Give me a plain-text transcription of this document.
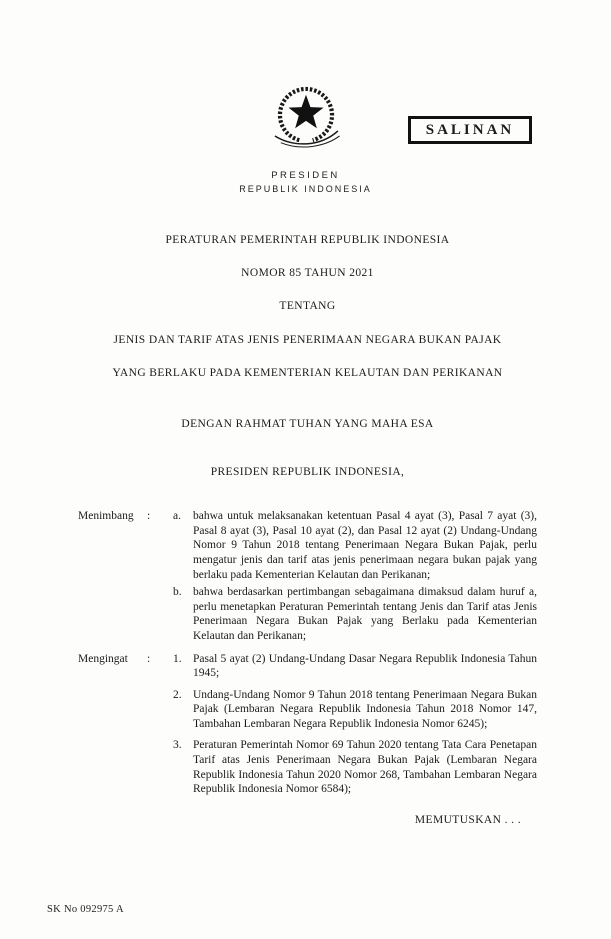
SALINAN
PRESIDEN
REPUBLIK INDONESIA
PERATURAN PEMERINTAH REPUBLIK INDONESIA
NOMOR 85 TAHUN 2021
TENTANG
JENIS DAN TARIF ATAS JENIS PENERIMAAN NEGARA BUKAN PAJAK
YANG BERLAKU PADA KEMENTERIAN KELAUTAN DAN PERIKANAN
DENGAN RAHMAT TUHAN YANG MAHA ESA
PRESIDEN REPUBLIK INDONESIA,
Menimbang	:	a.	bahwa untuk melaksanakan ketentuan Pasal 4 ayat (3), Pasal 7 ayat (3), Pasal 8 ayat (3), Pasal 10 ayat (2), dan Pasal 12 ayat (2) Undang-Undang Nomor 9 Tahun 2018 tentang Penerimaan Negara Bukan Pajak, perlu mengatur jenis dan tarif atas jenis penerimaan negara bukan pajak yang berlaku pada Kementerian Kelautan dan Perikanan;
b. bahwa berdasarkan pertimbangan sebagaimana dimaksud dalam huruf a, perlu menetapkan Peraturan Pemerintah tentang Jenis dan Tarif atas Jenis Penerimaan Negara Bukan Pajak yang Berlaku pada Kementerian Kelautan dan Perikanan;
Mengingat	:	1. Pasal 5 ayat (2) Undang-Undang Dasar Negara Republik Indonesia Tahun 1945;
2. Undang-Undang Nomor 9 Tahun 2018 tentang Penerimaan Negara Bukan Pajak (Lembaran Negara Republik Indonesia Tahun 2018 Nomor 147, Tambahan Lembaran Negara Republik Indonesia Nomor 6245);
3. Peraturan Pemerintah Nomor 69 Tahun 2020 tentang Tata Cara Penetapan Tarif atas Jenis Penerimaan Negara Bukan Pajak (Lembaran Negara Republik Indonesia Tahun 2020 Nomor 268, Tambahan Lembaran Negara Republik Indonesia Nomor 6584);
MEMUTUSKAN . . .
SK No 092975 A
